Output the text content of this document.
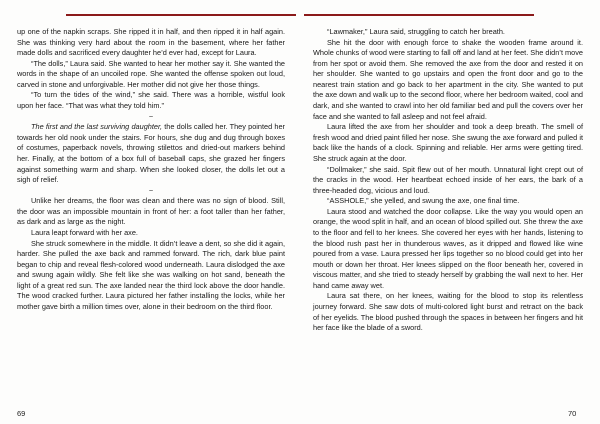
up one of the napkin scraps. She ripped it in half, and then ripped it in half again. She was thinking very hard about the room in the basement, where her father made dolls and sacrificed every daughter he’d ever had, except for Laura.

“The dolls,” Laura said. She wanted to hear her mother say it. She wanted the words in the shape of an uncoiled rope. She wanted the offense spoken out loud, carved in stone and unforgivable. Her mother did not give her those things.

“To turn the tides of the wind,” she said. There was a horrible, wistful look upon her face. “That was what they told him.”

~

The first and the last surviving daughter, the dolls called her. They pointed her towards her old nook under the stairs. For hours, she dug and dug through boxes of costumes, paperback novels, throwing stilettos and dried-out markers behind her. Finally, at the bottom of a box full of baseball caps, she grazed her fingers against something warm and sharp. When she looked closer, the dolls let out a sigh of relief.

~

Unlike her dreams, the floor was clean and there was no sign of blood. Still, the door was an impossible mountain in front of her: a foot taller than her father, as dark and as large as the night.

Laura leapt forward with her axe.

She struck somewhere in the middle. It didn’t leave a dent, so she did it again, harder. She pulled the axe back and rammed forward. The rich, dark blue paint began to chip and reveal flesh-colored wood underneath. Laura dislodged the axe and swung again wildly. She felt like she was walking on hot sand, beneath the light of a great red sun. The axe landed near the third lock above the door handle. The wood cracked further. Laura pictured her father installing the locks, while her mother gave birth a million times over, alone in their bedroom on the third floor.

“Lawmaker,” Laura said, struggling to catch her breath.

She hit the door with enough force to shake the wooden frame around it. Whole chunks of wood were starting to fall off and land at her feet. She didn’t move from her spot or avoid them. She removed the axe from the door and rested it on her shoulder. She wanted to go upstairs and open the front door and go to the nearest train station and go back to her apartment in the city. She wanted to put the axe down and walk up to the second floor, where her bedroom waited, cool and dark, and she wanted to crawl into her old familiar bed and pull the covers over her face and she wanted to fall asleep and not feel afraid.

Laura lifted the axe from her shoulder and took a deep breath. The smell of fresh wood and dried paint filled her nose. She swung the axe forward and pulled it back like the hands of a clock. Spinning and reliable. Her arms were getting tired. She struck again at the door.

“Dollmaker,” she said. Spit flew out of her mouth. Unnatural light crept out of the cracks in the wood. Her heartbeat echoed inside of her ears, the bark of a three-headed dog, vicious and loud.

“ASSHOLE,” she yelled, and swung the axe, one final time.

Laura stood and watched the door collapse. Like the way you would open an orange, the wood split in half, and an ocean of blood spilled out. She threw the axe to the floor and fell to her knees. She covered her eyes with her hands, listening to the blood rush past her in thunderous waves, as it dripped and flowed like wine poured from a vase. Laura pressed her lips together so no blood could get into her mouth or down her throat. Her knees slipped on the floor beneath her, covered in viscous matter, and she tried to steady herself by grabbing the wall next to her. Her hand came away wet.

Laura sat there, on her knees, waiting for the blood to stop its relentless journey forward. She saw dots of multi-colored light burst and retract on the back of her eyelids. The blood pushed through the spaces in between her fingers and hit her face like the blade of a sword.

69	70
